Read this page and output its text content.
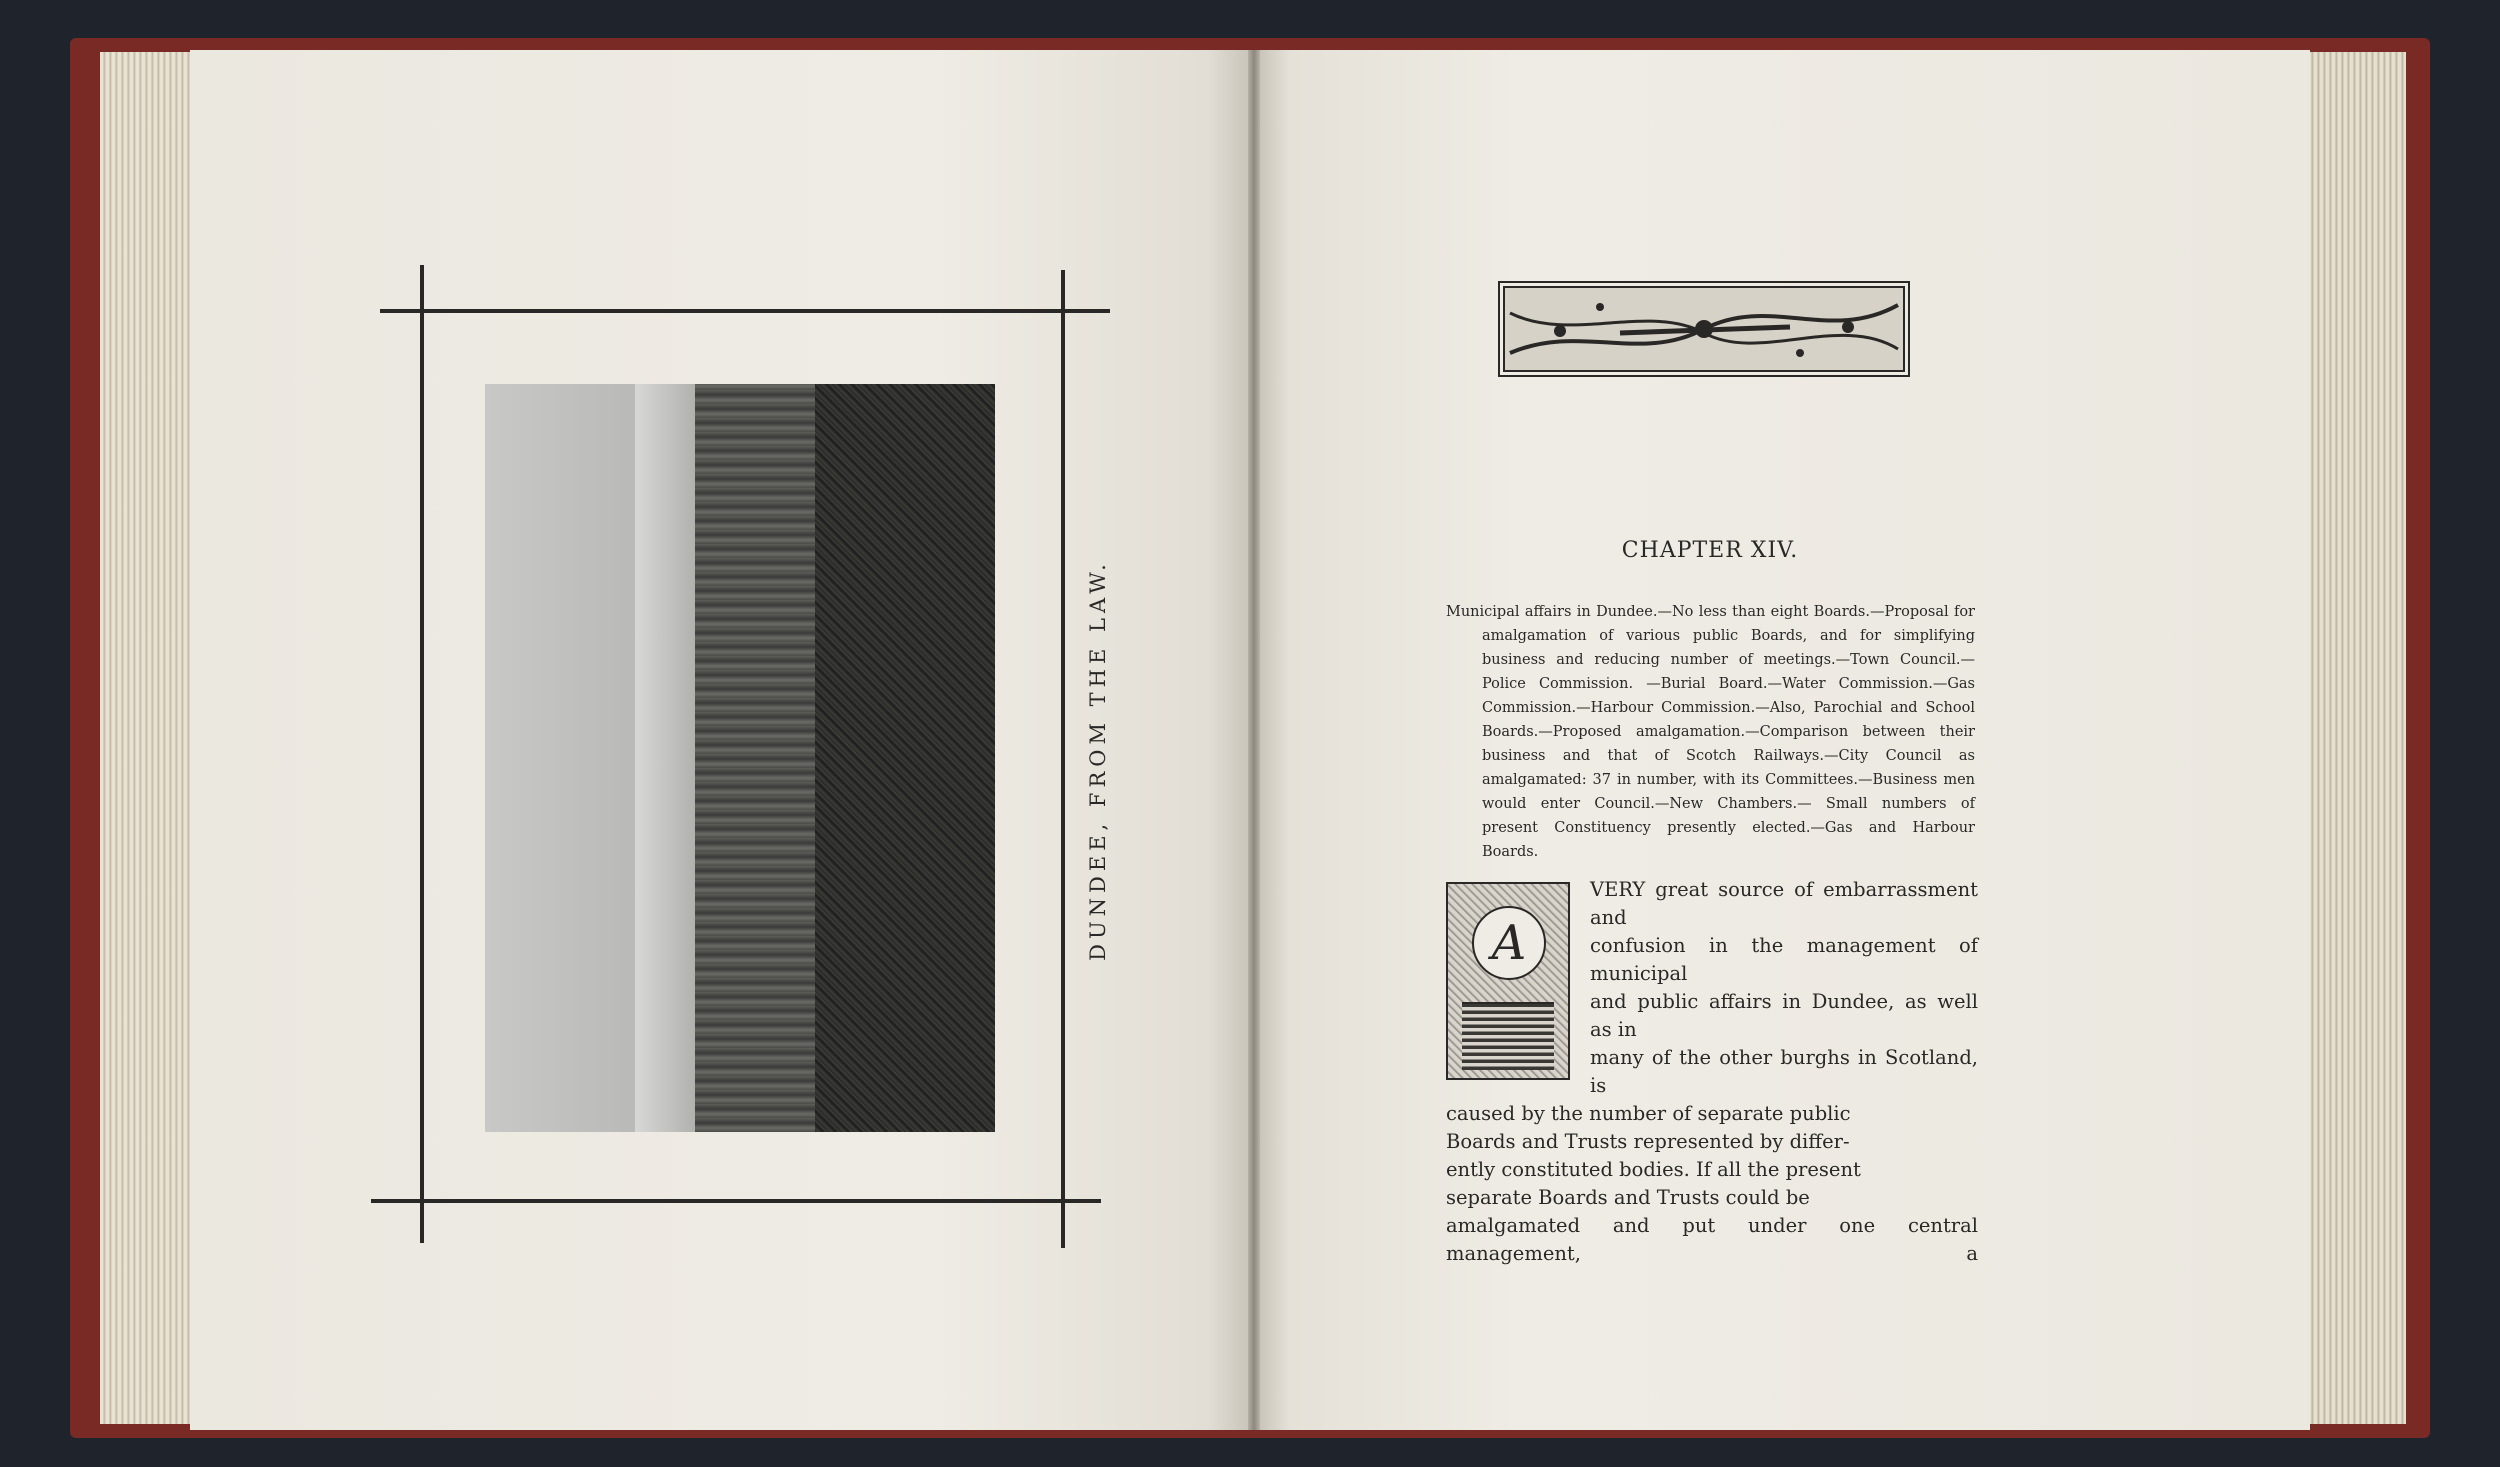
DUNDEE, FROM THE LAW.
CHAPTER XIV.
Municipal affairs in Dundee.—No less than eight Boards.—Proposal for amalgamation of various public Boards, and for simplifying business and reducing number of meetings.—Town Council.—Police Commission. —Burial Board.—Water Commission.—Gas Commission.—Harbour Commission.—Also, Parochial and School Boards.—Proposed amalgamation.—Comparison between their business and that of Scotch Railways.—City Council as amalgamated: 37 in number, with its Committees.—Business men would enter Council.—New Chambers.— Small numbers of present Constituency presently elected.—Gas and Harbour Boards.
A
VERY great source of embarrassment and
confusion in the management of municipal
and public affairs in Dundee, as well as in
many of the other burghs in Scotland, is
caused by the number of separate public
Boards and Trusts represented by differ-
ently constituted bodies. If all the present
separate Boards and Trusts could be
amalgamated and put under one central management, a
